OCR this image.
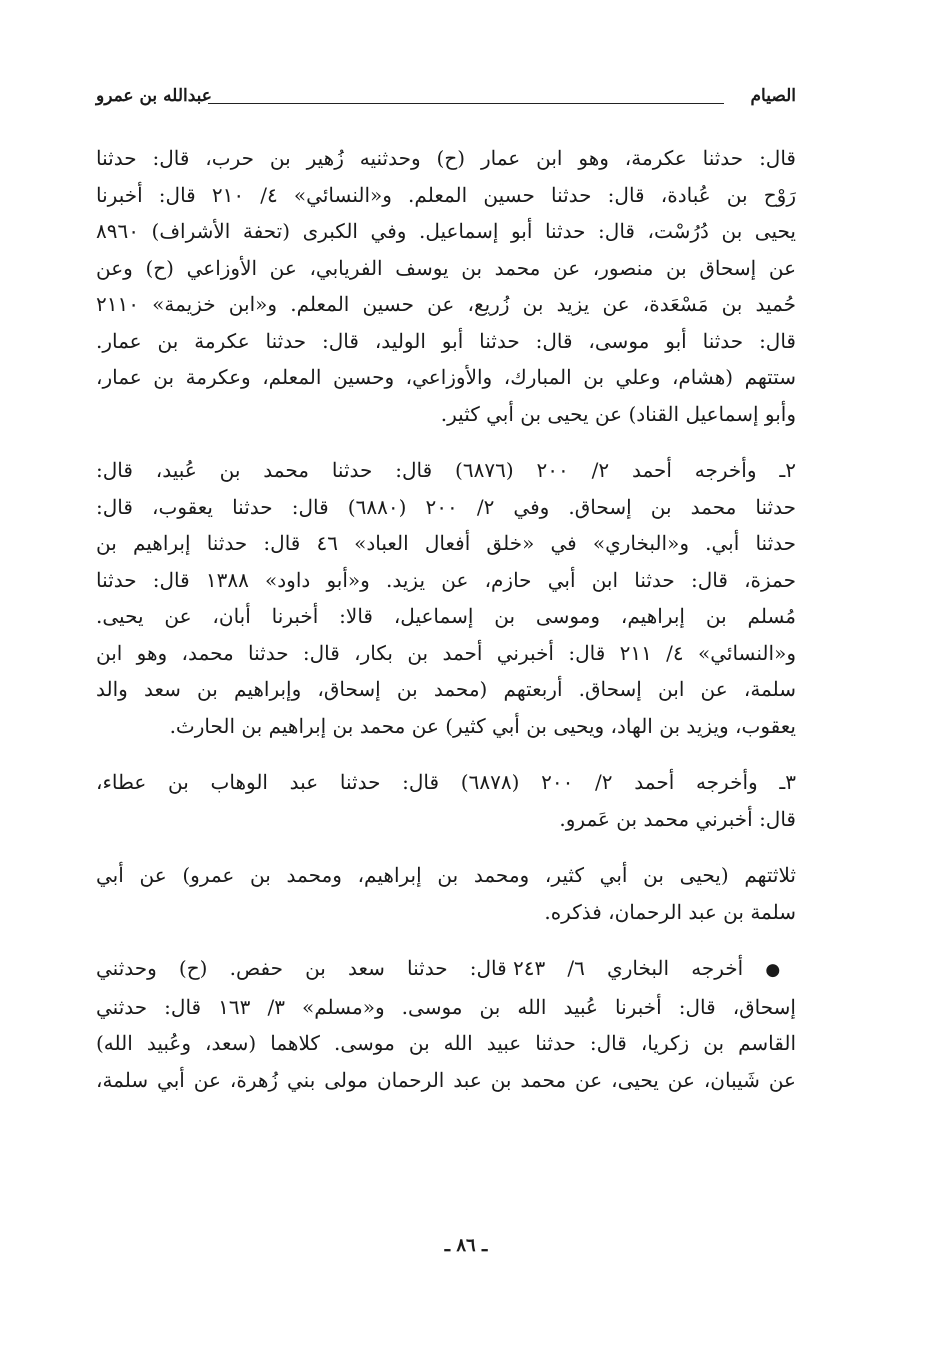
الصيام
عبدالله بن عمرو

قال: حدثنا عكرمة، وهو ابن عمار (ح) وحدثنيه زُهير بن حرب، قال: حدثنا
رَوْح بن عُبادة، قال: حدثنا حسين المعلم. و«النسائي» ٤/ ٢١٠ قال: أخبرنا
يحيى بن دُرُسْت، قال: حدثنا أبو إسماعيل. وفي الكبرى (تحفة الأشراف) ٨٩٦٠
عن إسحاق بن منصور، عن محمد بن يوسف الفريابي، عن الأوزاعي (ح) وعن
حُميد بن مَسْعَدة، عن يزيد بن زُريع، عن حسين المعلم. و«ابن خزيمة» ٢١١٠
قال: حدثنا أبو موسى، قال: حدثنا أبو الوليد، قال: حدثنا عكرمة بن عمار.
ستتهم (هشام، وعلي بن المبارك، والأوزاعي، وحسين المعلم، وعكرمة بن عمار،
وأبو إسماعيل القناد) عن يحيى بن أبي كثير.

٢ـ وأخرجه أحمد ٢/ ٢٠٠ (٦٨٧٦) قال: حدثنا محمد بن عُبيد، قال:
حدثنا محمد بن إسحاق. وفي ٢/ ٢٠٠ (٦٨٨٠) قال: حدثنا يعقوب، قال:
حدثنا أبي. و«البخاري» في «خلق أفعال العباد» ٤٦ قال: حدثنا إبراهيم بن
حمزة، قال: حدثنا ابن أبي حازم، عن يزيد. و«أبو داود» ١٣٨٨ قال: حدثنا
مُسلم بن إبراهيم، وموسى بن إسماعيل، قالا: أخبرنا أبان، عن يحيى.
و«النسائي» ٤/ ٢١١ قال: أخبرني أحمد بن بكار، قال: حدثنا محمد، وهو ابن
سلمة، عن ابن إسحاق. أربعتهم (محمد بن إسحاق، وإبراهيم بن سعد والد
يعقوب، ويزيد بن الهاد، ويحيى بن أبي كثير) عن محمد بن إبراهيم بن الحارث.

٣ـ وأخرجه أحمد ٢/ ٢٠٠ (٦٨٧٨) قال: حدثنا عبد الوهاب بن عطاء،
قال: أخبرني محمد بن عَمرو.

ثلاثتهم (يحيى بن أبي كثير، ومحمد بن إبراهيم، ومحمد بن عمرو) عن أبي
سلمة بن عبد الرحمان، فذكره.

● أخرجه البخاري ٦/ ٢٤٣ قال: حدثنا سعد بن حفص. (ح) وحدثني
إسحاق، قال: أخبرنا عُبيد الله بن موسى. و«مسلم» ٣/ ١٦٣ قال: حدثني
القاسم بن زكريا، قال: حدثنا عبيد الله بن موسى. كلاهما (سعد، وعُبيد الله)
عن شَيبان، عن يحيى، عن محمد بن عبد الرحمان مولى بني زُهرة، عن أبي سلمة،

ـ ٨٦ ـ
